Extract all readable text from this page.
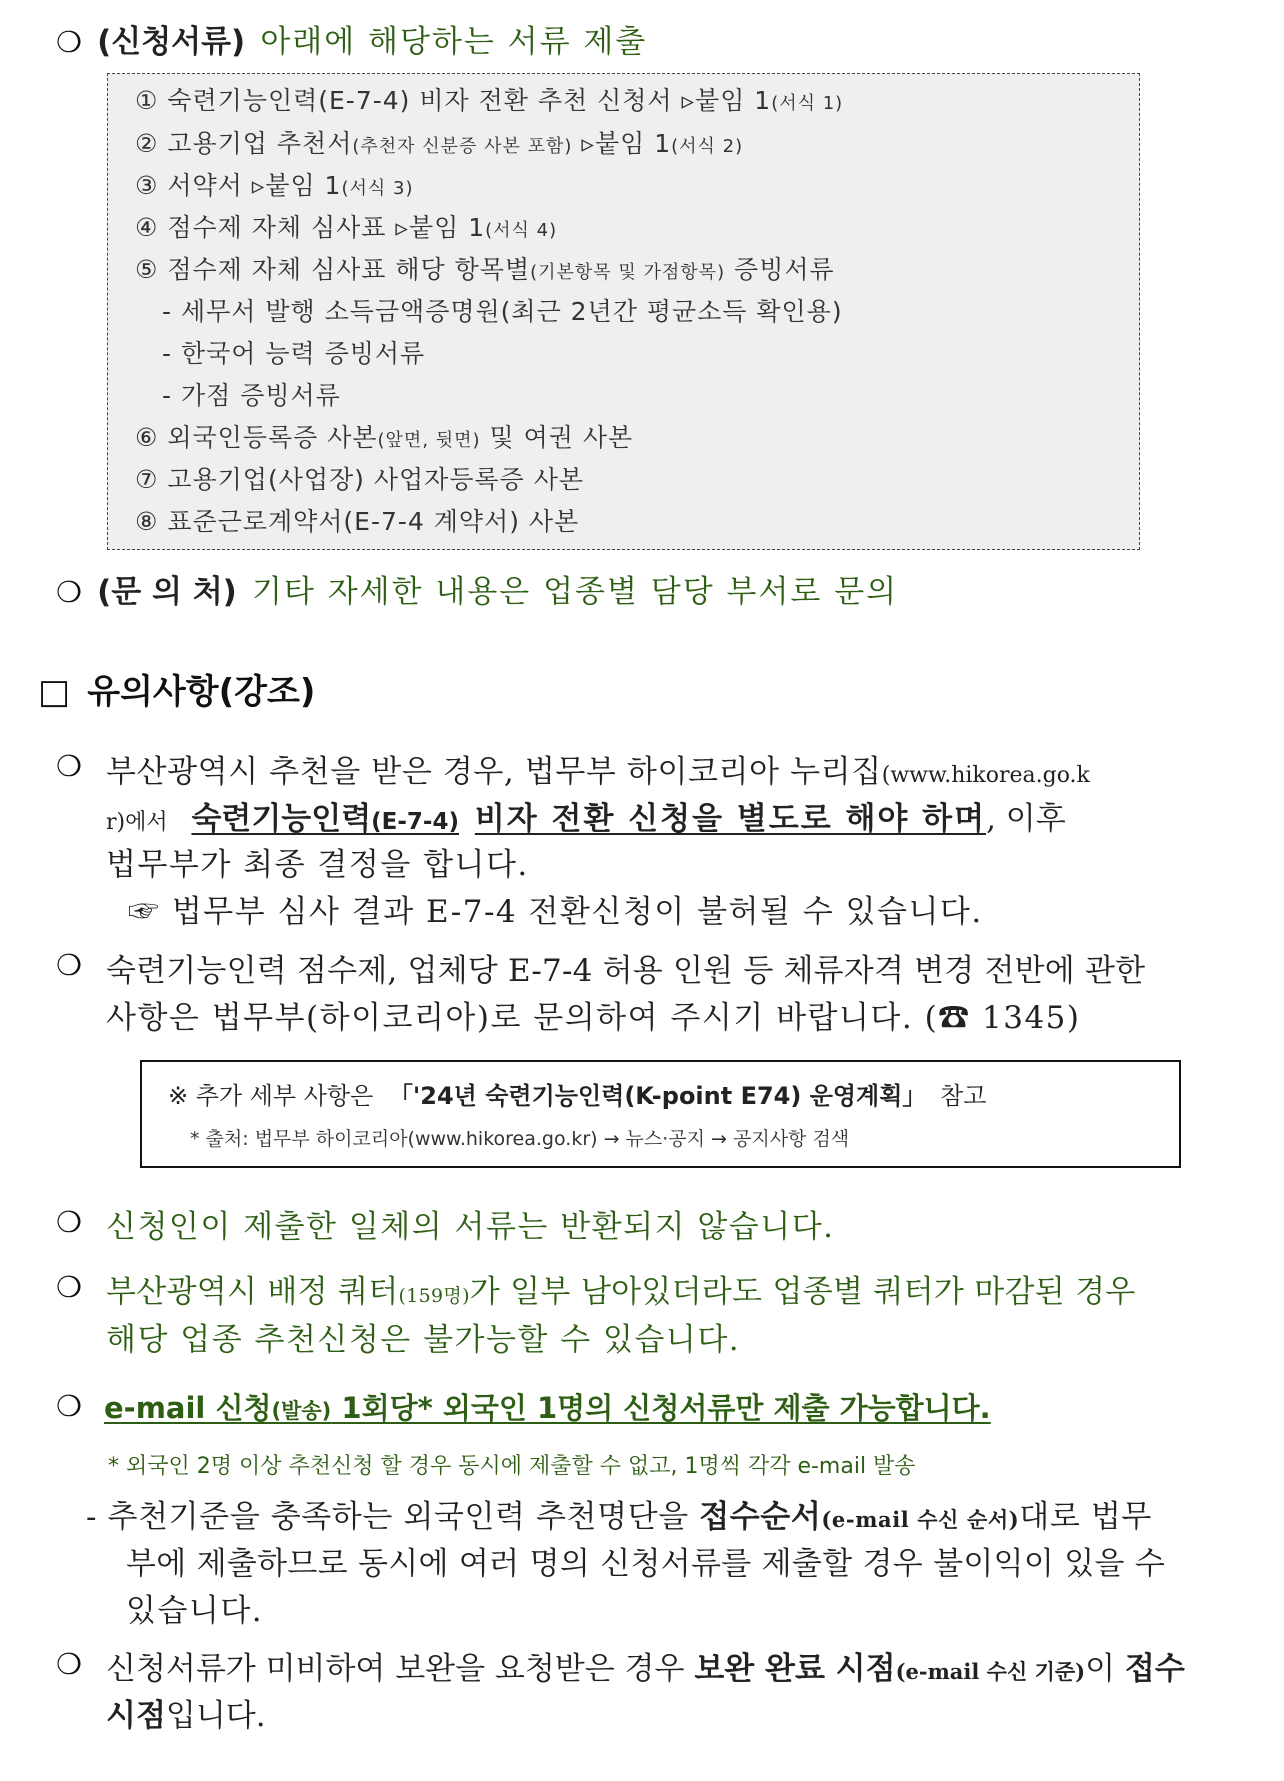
❍ (신청서류) 아래에 해당하는 서류 제출
① 숙련기능인력(E-7-4) 비자 전환 추천 신청서 ▹붙임 1(서식 1)
② 고용기업 추천서(추천자 신분증 사본 포함) ▹붙임 1(서식 2)
③ 서약서 ▹붙임 1(서식 3)
④ 점수제 자체 심사표 ▹붙임 1(서식 4)
⑤ 점수제 자체 심사표 해당 항목별(기본항목 및 가점항목) 증빙서류
- 세무서 발행 소득금액증명원(최근 2년간 평균소득 확인용)
- 한국어 능력 증빙서류
- 가점 증빙서류
⑥ 외국인등록증 사본(앞면, 뒷면) 및 여권 사본
⑦ 고용기업(사업장) 사업자등록증 사본
⑧ 표준근로계약서(E-7-4 계약서) 사본
❍ (문 의 처) 기타 자세한 내용은 업종별 담당 부서로 문의
□ 유의사항(강조)
❍ 부산광역시 추천을 받은 경우, 법무부 하이코리아 누리집(www.hikorea.go.k
r)에서 숙련기능인력(E-7-4) 비자 전환 신청을 별도로 해야 하며, 이후
법무부가 최종 결정을 합니다.
☞ 법무부 심사 결과 E-7-4 전환신청이 불허될 수 있습니다.
❍ 숙련기능인력 점수제, 업체당 E-7-4 허용 인원 등 체류자격 변경 전반에 관한
사항은 법무부(하이코리아)로 문의하여 주시기 바랍니다. (☎ 1345)
※ 추가 세부 사항은 「'24년 숙련기능인력(K-point E74) 운영계획」 참고
* 출처: 법무부 하이코리아(www.hikorea.go.kr) → 뉴스·공지 → 공지사항 검색
❍ 신청인이 제출한 일체의 서류는 반환되지 않습니다.
❍ 부산광역시 배정 쿼터(159명)가 일부 남아있더라도 업종별 쿼터가 마감된 경우
해당 업종 추천신청은 불가능할 수 있습니다.
❍ e-mail 신청(발송) 1회당* 외국인 1명의 신청서류만 제출 가능합니다.
* 외국인 2명 이상 추천신청 할 경우 동시에 제출할 수 없고, 1명씩 각각 e-mail 발송
- 추천기준을 충족하는 외국인력 추천명단을 접수순서(e-mail 수신 순서)대로 법무
부에 제출하므로 동시에 여러 명의 신청서류를 제출할 경우 불이익이 있을 수
있습니다.
❍ 신청서류가 미비하여 보완을 요청받은 경우 보완 완료 시점(e-mail 수신 기준)이 접수
시점입니다.
